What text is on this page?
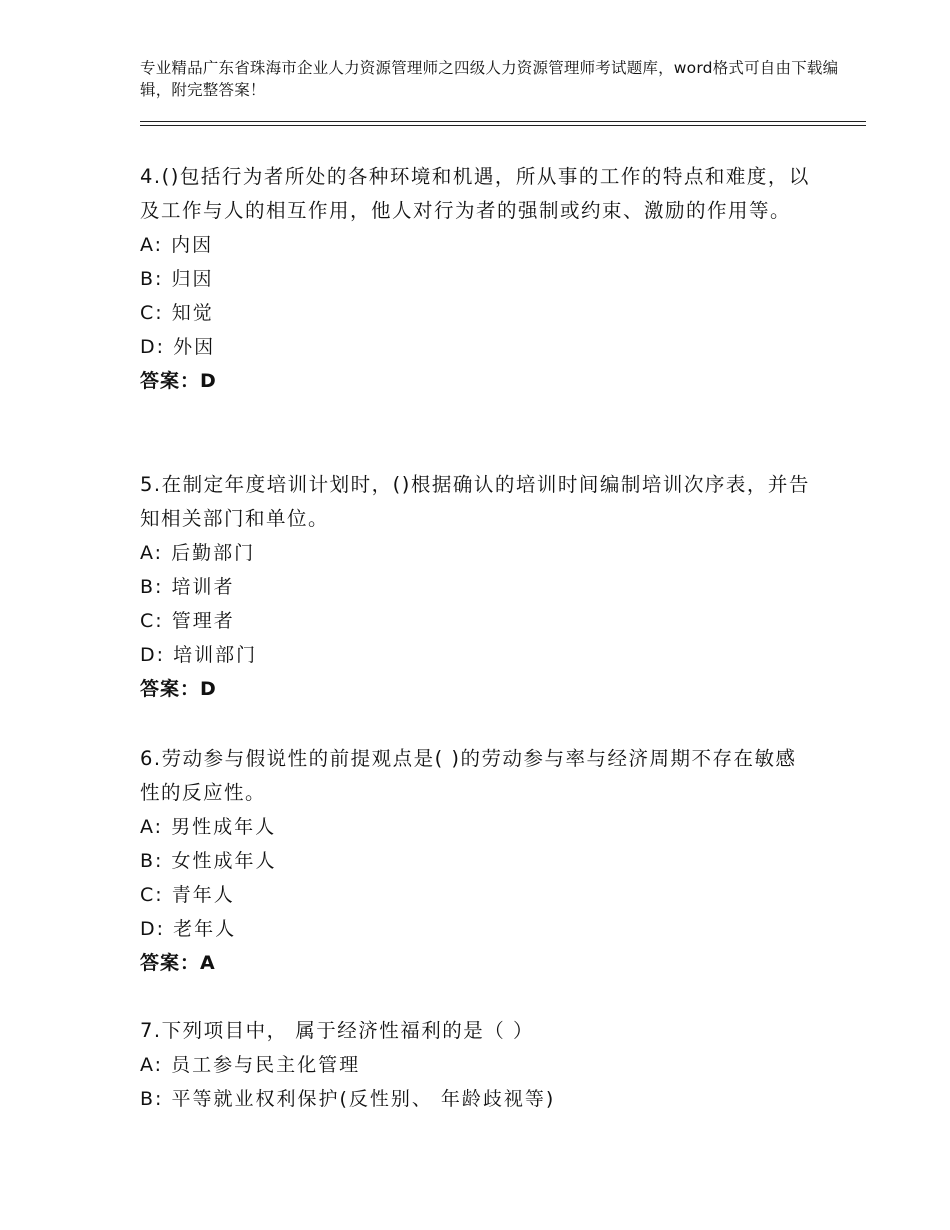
专业精品广东省珠海市企业人力资源管理师之四级人力资源管理师考试题库，word格式可自由下载编辑，附完整答案！
4.()包括行为者所处的各种环境和机遇，所从事的工作的特点和难度，以及工作与人的相互作用，他人对行为者的强制或约束、激励的作用等。
A: 内因
B: 归因
C: 知觉
D: 外因
答案：D
5.在制定年度培训计划时，()根据确认的培训时间编制培训次序表，并告知相关部门和单位。
A: 后勤部门
B: 培训者
C: 管理者
D: 培训部门
答案：D
6.劳动参与假说性的前提观点是( )的劳动参与率与经济周期不存在敏感性的反应性。
A: 男性成年人
B: 女性成年人
C: 青年人
D: 老年人
答案：A
7.下列项目中， 属于经济性福利的是（ ）
A: 员工参与民主化管理
B: 平等就业权利保护(反性别、 年龄歧视等)
